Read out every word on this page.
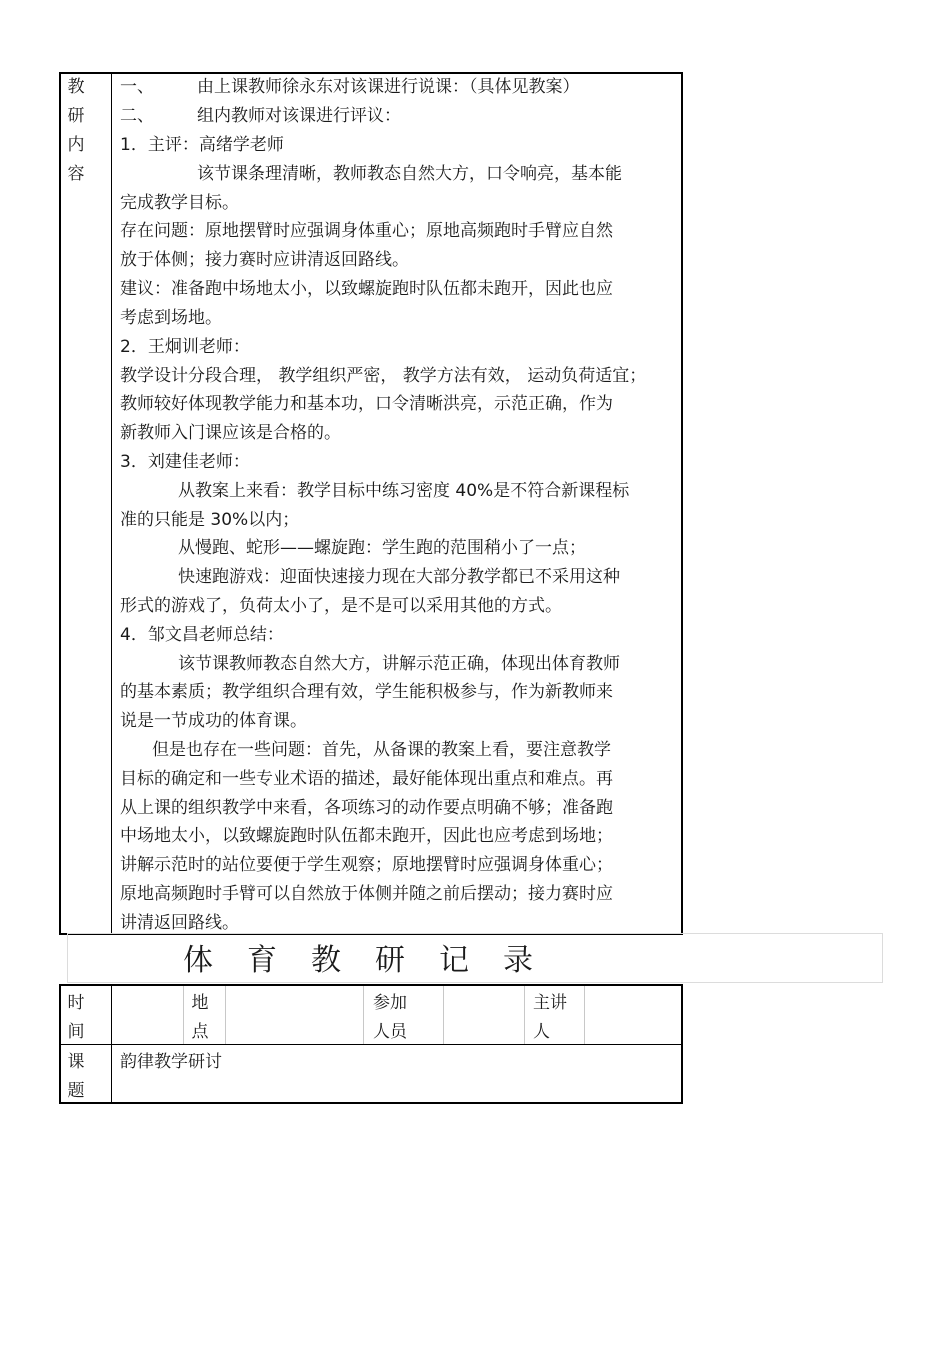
教
研
内
容
一、	由上课教师徐永东对该课进行说课：（具体见教案）
二、	组内教师对该课进行评议：
1．主评：高绪学老师
该节课条理清晰，教师教态自然大方，口令响亮，基本能
完成教学目标。
存在问题：原地摆臂时应强调身体重心；原地高频跑时手臂应自然
放于体侧；接力赛时应讲清返回路线。
建议：准备跑中场地太小，以致螺旋跑时队伍都未跑开，因此也应
考虑到场地。
2．王炯训老师：
教学设计分段合理， 教学组织严密， 教学方法有效， 运动负荷适宜；
教师较好体现教学能力和基本功，口令清晰洪亮，示范正确，作为
新教师入门课应该是合格的。
3．刘建佳老师：
从教案上来看：教学目标中练习密度 40%是不符合新课程标
准的只能是 30%以内；
从慢跑、蛇形——螺旋跑：学生跑的范围稍小了一点；
快速跑游戏：迎面快速接力现在大部分教学都已不采用这种
形式的游戏了，负荷太小了，是不是可以采用其他的方式。
4．邹文昌老师总结：
该节课教师教态自然大方，讲解示范正确，体现出体育教师
的基本素质；教学组织合理有效，学生能积极参与，作为新教师来
说是一节成功的体育课。
但是也存在一些问题：首先，从备课的教案上看，要注意教学
目标的确定和一些专业术语的描述，最好能体现出重点和难点。再
从上课的组织教学中来看，各项练习的动作要点明确不够；准备跑
中场地太小，以致螺旋跑时队伍都未跑开，因此也应考虑到场地；
讲解示范时的站位要便于学生观察；原地摆臂时应强调身体重心；
原地高频跑时手臂可以自然放于体侧并随之前后摆动；接力赛时应
讲清返回路线。
体育教研记录
时
间
地
点
参加
人员
主讲
人
课
题
韵律教学研讨
